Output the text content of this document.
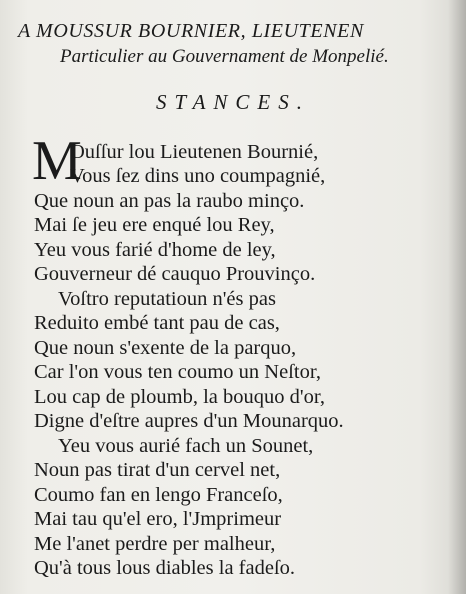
A MOUSSUR BOURNIER, LIEUTENEN
Particulier au Gouvernament de Monpelié.
STANCES.
M
Ouſſur lou Lieutenen Bournié,
Vous ſez dins uno coumpagnié,
Que noun an pas la raubo minço.
Mai ſe jeu ere enqué lou Rey,
Yeu vous farié d'home de ley,
Gouverneur dé cauquo Prouvinço.
Voſtro reputatioun n'és pas
Reduito embé tant pau de cas,
Que noun s'exente de la parquo,
Car l'on vous ten coumo un Neſtor,
Lou cap de ploumb, la bouquo d'or,
Digne d'eſtre aupres d'un Mounarquo.
Yeu vous aurié fach un Sounet,
Noun pas tirat d'un cervel net,
Coumo fan en lengo Franceſo,
Mai tau qu'el ero, l'Jmprimeur
Me l'anet perdre per malheur,
Qu'à tous lous diables la fadeſo.
